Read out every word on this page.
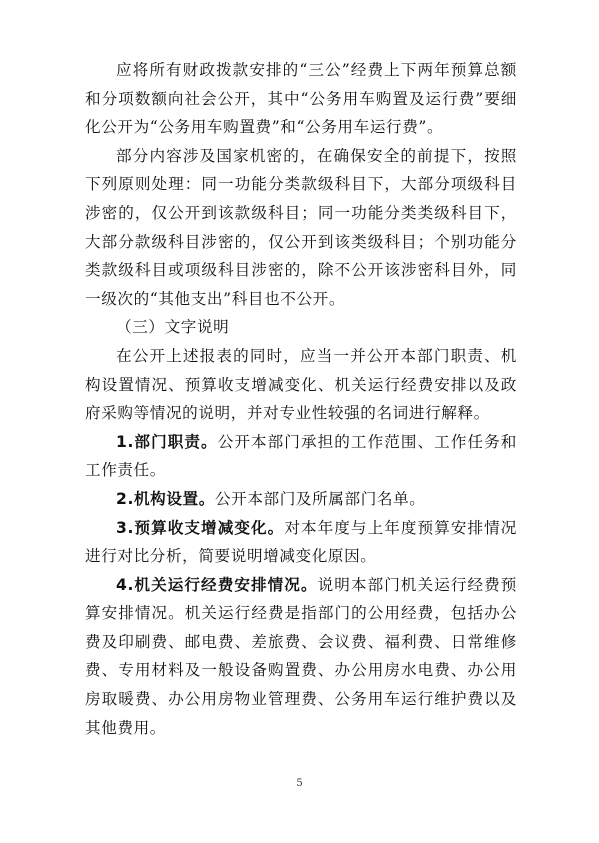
应将所有财政拨款安排的“三公”经费上下两年预算总额和分项数额向社会公开，其中“公务用车购置及运行费”要细化公开为“公务用车购置费”和“公务用车运行费”。

部分内容涉及国家机密的，在确保安全的前提下，按照下列原则处理：同一功能分类款级科目下，大部分项级科目涉密的，仅公开到该款级科目；同一功能分类类级科目下，大部分款级科目涉密的，仅公开到该类级科目；个别功能分类款级科目或项级科目涉密的，除不公开该涉密科目外，同一级次的“其他支出”科目也不公开。

（三）文字说明

在公开上述报表的同时，应当一并公开本部门职责、机构设置情况、预算收支增减变化、机关运行经费安排以及政府采购等情况的说明，并对专业性较强的名词进行解释。

1.部门职责。公开本部门承担的工作范围、工作任务和工作责任。

2.机构设置。公开本部门及所属部门名单。

3.预算收支增减变化。对本年度与上年度预算安排情况进行对比分析，简要说明增减变化原因。

4.机关运行经费安排情况。说明本部门机关运行经费预算安排情况。机关运行经费是指部门的公用经费，包括办公费及印刷费、邮电费、差旅费、会议费、福利费、日常维修费、专用材料及一般设备购置费、办公用房水电费、办公用房取暖费、办公用房物业管理费、公务用车运行维护费以及其他费用。

5
